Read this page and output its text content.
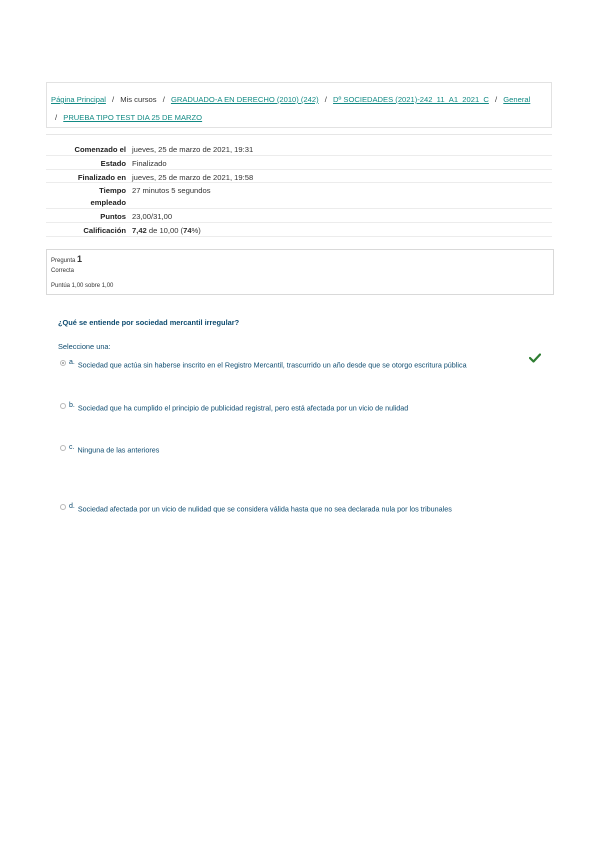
Página Principal / Mis cursos / GRADUADO-A EN DERECHO (2010) (242) / Dº SOCIEDADES (2021)-242_11_A1_2021_C / General
/ PRUEBA TIPO TEST DIA 25 DE MARZO
Comenzado el jueves, 25 de marzo de 2021, 19:31
Estado Finalizado
Finalizado en jueves, 25 de marzo de 2021, 19:58
Tiempo
empleado
27 minutos 5 segundos
Puntos 23,00/31,00
Calificación 7,42 de 10,00 (74%)
Pregunta 1
Correcta
Puntúa 1,00 sobre 1,00
¿Qué se entiende por sociedad mercantil irregular?
Seleccione una:
a. Sociedad que actúa sin haberse inscrito en el Registro Mercantil, trascurrido un año desde que se otorgo escritura pública
b. Sociedad que ha cumplido el principio de publicidad registral, pero está afectada por un vicio de nulidad
c. Ninguna de las anteriores
d. Sociedad afectada por un vicio de nulidad que se considera válida hasta que no sea declarada nula por los tribunales
